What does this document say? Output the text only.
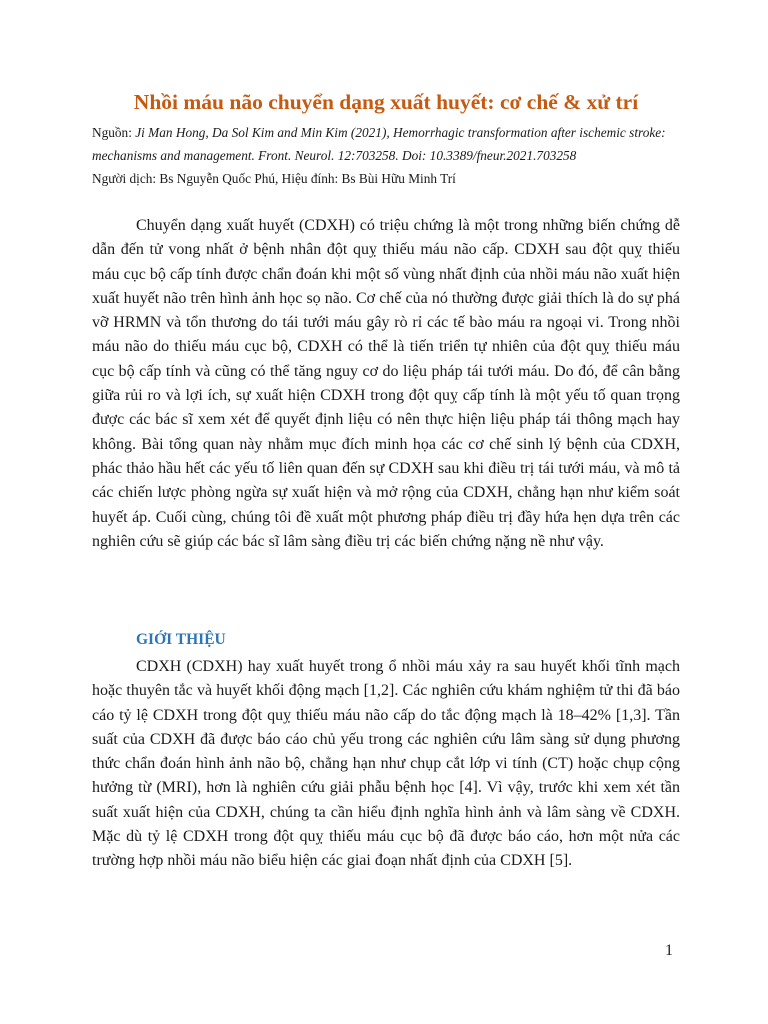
Nhồi máu não chuyển dạng xuất huyết: cơ chế & xử trí
Nguồn: Ji Man Hong, Da Sol Kim and Min Kim (2021), Hemorrhagic transformation after ischemic stroke: mechanisms and management. Front. Neurol. 12:703258. Doi: 10.3389/fneur.2021.703258
Người dịch: Bs Nguyễn Quốc Phú, Hiệu đính: Bs Bùi Hữu Minh Trí

Chuyển dạng xuất huyết (CDXH) có triệu chứng là một trong những biến chứng dễ dẫn đến tử vong nhất ở bệnh nhân đột quỵ thiếu máu não cấp. CDXH sau đột quỵ thiếu máu cục bộ cấp tính được chẩn đoán khi một số vùng nhất định của nhồi máu não xuất hiện xuất huyết não trên hình ảnh học sọ não. Cơ chế của nó thường được giải thích là do sự phá vỡ HRMN và tổn thương do tái tưới máu gây rò rỉ các tế bào máu ra ngoại vi. Trong nhồi máu não do thiếu máu cục bộ, CDXH có thể là tiến triển tự nhiên của đột quỵ thiếu máu cục bộ cấp tính và cũng có thể tăng nguy cơ do liệu pháp tái tưới máu. Do đó, để cân bằng giữa rủi ro và lợi ích, sự xuất hiện CDXH trong đột quỵ cấp tính là một yếu tố quan trọng được các bác sĩ xem xét để quyết định liệu có nên thực hiện liệu pháp tái thông mạch hay không. Bài tổng quan này nhằm mục đích minh họa các cơ chế sinh lý bệnh của CDXH, phác thảo hầu hết các yếu tố liên quan đến sự CDXH sau khi điều trị tái tưới máu, và mô tả các chiến lược phòng ngừa sự xuất hiện và mở rộng của CDXH, chẳng hạn như kiểm soát huyết áp. Cuối cùng, chúng tôi đề xuất một phương pháp điều trị đầy hứa hẹn dựa trên các nghiên cứu sẽ giúp các bác sĩ lâm sàng điều trị các biến chứng nặng nề như vậy.

GIỚI THIỆU

CDXH (CDXH) hay xuất huyết trong ổ nhồi máu xảy ra sau huyết khối tĩnh mạch hoặc thuyên tắc và huyết khối động mạch [1,2]. Các nghiên cứu khám nghiệm tử thi đã báo cáo tỷ lệ CDXH trong đột quỵ thiếu máu não cấp do tắc động mạch là 18–42% [1,3]. Tần suất của CDXH đã được báo cáo chủ yếu trong các nghiên cứu lâm sàng sử dụng phương thức chẩn đoán hình ảnh não bộ, chẳng hạn như chụp cắt lớp vi tính (CT) hoặc chụp cộng hưởng từ (MRI), hơn là nghiên cứu giải phẫu bệnh học [4]. Vì vậy, trước khi xem xét tần suất xuất hiện của CDXH, chúng ta cần hiểu định nghĩa hình ảnh và lâm sàng về CDXH. Mặc dù tỷ lệ CDXH trong đột quỵ thiếu máu cục bộ đã được báo cáo, hơn một nửa các trường hợp nhồi máu não biểu hiện các giai đoạn nhất định của CDXH [5].

1
